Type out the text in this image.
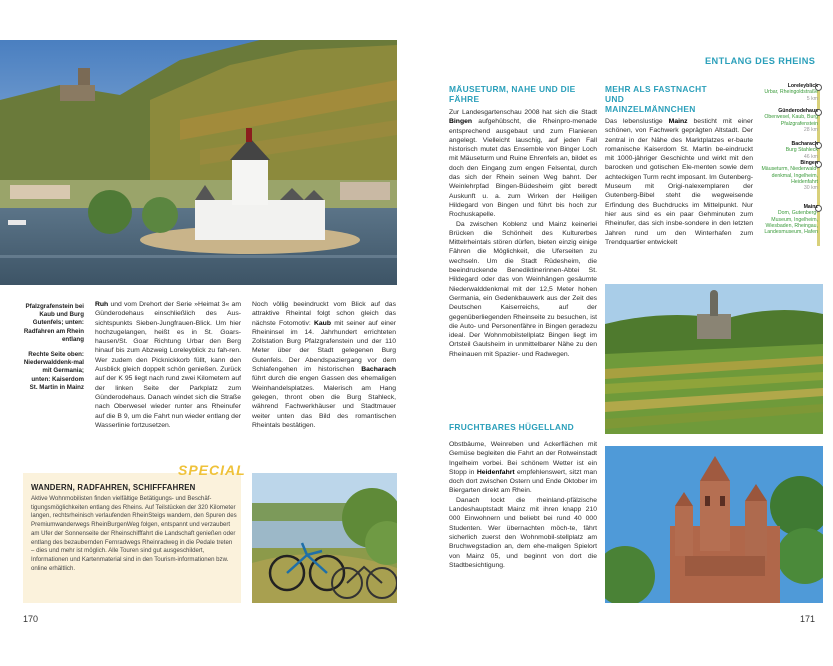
Pfalzgrafenstein bei Kaub und Burg Gutenfels; unten: Radfahren am Rhein entlang

Rechte Seite oben: Niederwalddenk-mal mit Germania; unten: Kaiserdom St. Martin in Mainz

Ruh und vom Drehort der Serie »Heimat 3« am Günderodehaus einschließlich des Aus-sichtspunkts Sieben-Jungfrauen-Blick. Um hier hochzugelangen, heißt es in St. Goars-hausen/St. Goar Richtung Urbar den Berg hinauf bis zum Abzweig Loreleyblick zu fah-ren. Wer zudem den Picknickkorb füllt, kann den Ausblick gleich doppelt schön genießen. Zurück auf der K 95 liegt nach rund zwei Kilometern auf der linken Seite der Parkplatz zum Günderodehaus. Danach windet sich die Straße nach Oberwesel wieder runter ans Rheinufer auf die B 9, um die Fahrt nun wieder entlang der Wasserlinie fortzusetzen.

Noch völlig beeindruckt vom Blick auf das attraktive Rheintal folgt schon gleich das nächste Fotomotiv: Kaub mit seiner auf einer Rheininsel im 14. Jahrhundert errichteten Zollstation Burg Pfalzgrafenstein und der 110 Meter über der Stadt gelegenen Burg Gutenfels. Der Abendspaziergang vor dem Schlafengehen im historischen Bacharach führt durch die engen Gassen des ehemaligen Weinhandelsplatzes. Malerisch am Hang gelegen, thront oben die Burg Stahleck, während Fachwerkhäuser und Stadtmauer weiter unten das Bild des romantischen Rheintals bestätigen.

WANDERN, RADFAHREN, SCHIFFFAHREN
Aktive Wohnmobilisten finden vielfältige Betätigungs- und Beschäf-tigungsmöglichkeiten entlang des Rheins. Auf Teilstücken der 320 Kilometer langen, rechtsrheinisch verlaufenden RheinSteigs wandern, den Spuren des Premiumwanderwegs RheinBurgenWeg folgen, entspannt und verzaubert am Ufer der Sonnenseite der Rheinschifffahrt die Landschaft genießen oder entlang des bezaubernden Fernradwegs Rheinradweg in die Pedale treten – dies und mehr ist möglich. Alle Touren sind gut ausgeschildert, Informationen und Kartenmaterial sind in den Tourism-informationen bzw. online erhältlich.
SPECIAL
170
MÄUSETURM, NAHE UND DIE FÄHRE

Zur Landesgartenschau 2008 hat sich die Stadt Bingen aufgehübscht, die Rheinpro-menade entsprechend ausgebaut und zum Flanieren angelegt. Vielleicht lauschig, auf jeden Fall historisch mutet das Ensemble von Binger Loch mit Mäuseturm und Ruine Ehrenfels an, bildet es doch den Eingang zum engen Felsental, durch das sich der Rhein seinen Weg bahnt. Der Weinlehrpfad Bingen-Büdesheim gibt beredt Auskunft u. a. zum Wirken der Heiligen Hildegard von Bingen und führt bis hoch zur Rochuskapelle.

Da zwischen Koblenz und Mainz keinerlei Brücken die Schönheit des Kulturerbes Mittelrheintals stören dürfen, bieten einzig einige Fähren die Möglichkeit, die Uferseiten zu wechseln. Um die Stadt Rüdesheim, die beeindruckende Benediktinerinnen-Abtei St. Hildegard oder das von Weinhängen gesäumte Niederwalddenkmal mit der 12,5 Meter hohen Germania, ein Gedenkbauwerk aus der Zeit des Deutschen Kaiserreichs, auf der gegenüberliegenden Rheinseite zu besuchen, ist die Auto- und Personenfähre in Bingen geradezu ideal. Der Wohnmobilstellplatz Bingen liegt im Ortsteil Gaulsheim in unmittelbarer Nähe zu den Rheinauen mit Spazier- und Radwegen.

FRUCHTBARES HÜGELLAND

Obstbäume, Weinreben und Ackerflächen mit Gemüse begleiten die Fahrt an der Rotweinstadt Ingelheim vorbei. Bei schönem Wetter ist ein Stopp in Heidenfahrt empfehlenswert, sitzt man doch dort zwischen Ostern und Ende Oktober im Biergarten direkt am Rhein.

Danach lockt die rheinland-pfälzische Landeshauptstadt Mainz mit ihren knapp 210 000 Einwohnern und beliebt bei rund 40 000 Studenten. Wer übernachten möch-te, fährt sicherlich zuerst den Wohnmobil-stellplatz am Bruchwegstadion an, dem ehe-maligen Spielort von Mainz 05, und beginnt von dort die Stadtbesichtigung.

MEHR ALS FASTNACHT UND MAINZELMÄNNCHEN

Das lebenslustige Mainz besticht mit einer schönen, von Fachwerk geprägten Altstadt. Der zentral in der Nähe des Marktplatzes er-baute romanische Kaiserdom St. Martin be-eindruckt mit 1000-jähriger Geschichte und wirkt mit den barocken und gotischen Ele-menten sowie dem achteckigen Turm recht imposant. Im Gutenberg-Museum mit Origi-nalexemplaren der Gutenberg-Bibel steht die wegweisende Erfindung des Buchdrucks im Mittelpunkt. Nur hier aus sind es ein paar Gehminuten zum Rheinufer, das sich insbe-sondere in den letzten Jahren rund um den Winterhafen zum Trendquartier entwickelt

ENTLANG DES RHEINS
Loreleyblick
Urbar, Rheingoldstraße
5 km
Günderodehaus
Oberwesel, Kaub, Burg Pfalzgrafenstein
28 km
Bacharach
Burg Stahleck
46 km
Bingen
Mäuseturm, Niederwald-denkmal, Ingelheim, Heidenfahrt
30 km
Mainz
Dom, Gutenberg-Museum, Ingelheim, Wiesbaden, Rheingau, Landesmuseum, Hafen
171
